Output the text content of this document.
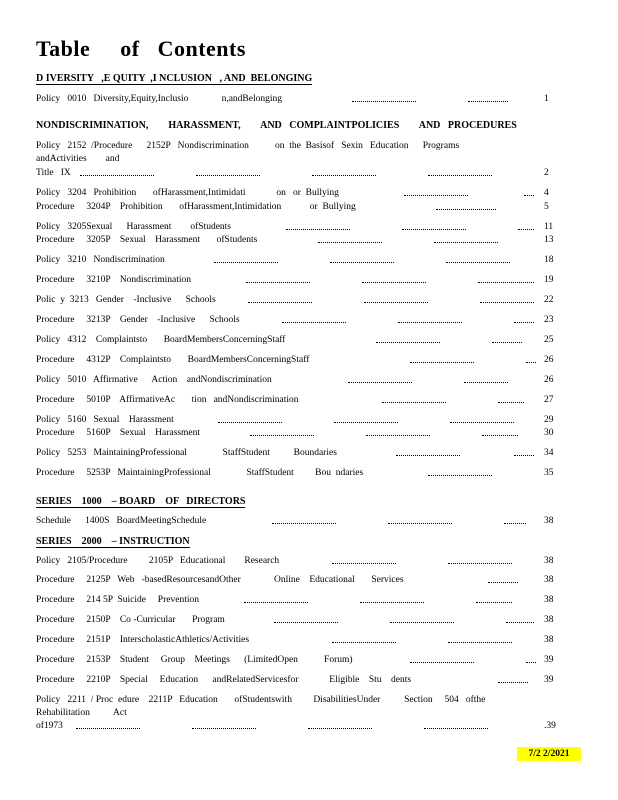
Table     of   Contents
D IVERSITY   ,E QUITY  ,I NCLUSION   , AND  BELONGING
Policy   0010   Diversity,Equity,Inclusio              n,andBelonging	1
NONDISCRIMINATION,        HARASSMENT,        AND   COMPLAINTPOLICIES        AND   PROCEDURES
Policy   2152  /Procedure      2152P   Nondiscrimination           on  the  Basisof   Sexin   Education      Programs
andActivities        and
Title   IX	2
Policy   3204   Prohibition       ofHarassment,Intimidati             on   or  Bullying	4
Procedure     3204P    Prohibition       ofHarassment,Intimidation            or  Bullying	5
Policy   3205Sexual      Harassment        ofStudents	11
Procedure     3205P    Sexual    Harassment       ofStudents	13
Policy   3210   Nondiscrimination	18
Procedure     3210P    Nondiscrimination	19
Polic  y  3213   Gender    -Inclusive      Schools	22
Procedure     3213P    Gender    -Inclusive      Schools	23
Policy   4312    Complaintsto       BoardMembersConcerningStaff	25
Procedure     4312P    Complaintsto       BoardMembersConcerningStaff	26
Policy   5010   Affirmative      Action    andNondiscrimination	26
Procedure     5010P    AffirmativeAc       tion   andNondiscrimination	27
Policy   5160   Sexual    Harassment	29
Procedure     5160P    Sexual    Harassment	30
Policy   5253   MaintainingProfessional               StaffStudent          Boundaries	34
Procedure     5253P   MaintainingProfessional               StaffStudent         Bou  ndaries	35
SERIES    1000    – BOARD    OF   DIRECTORS
Schedule      1400S   BoardMeetingSchedule	38
SERIES    2000    – INSTRUCTION
Policy   2105/Procedure         2105P   Educational        Research	38
Procedure     2125P   Web   -basedResourcesandOther              Online    Educational       Services	38
Procedure     214 5P  Suicide     Prevention	38
Procedure     2150P    Co -Curricular       Program	38
Procedure     2151P    InterscholasticAthletics/Activities	38
Procedure     2153P    Student     Group    Meetings      (LimitedOpen           Forum)	39
Procedure     2210P    Special     Education      andRelatedServicesfor             Eligible    Stu    dents	39
Policy   2211  / Proc  edure    2211P   Education       ofStudentswith         DisabilitiesUnder          Section     504   ofthe
Rehabilitation          Act
of1973	.39
7/2 2/2021
